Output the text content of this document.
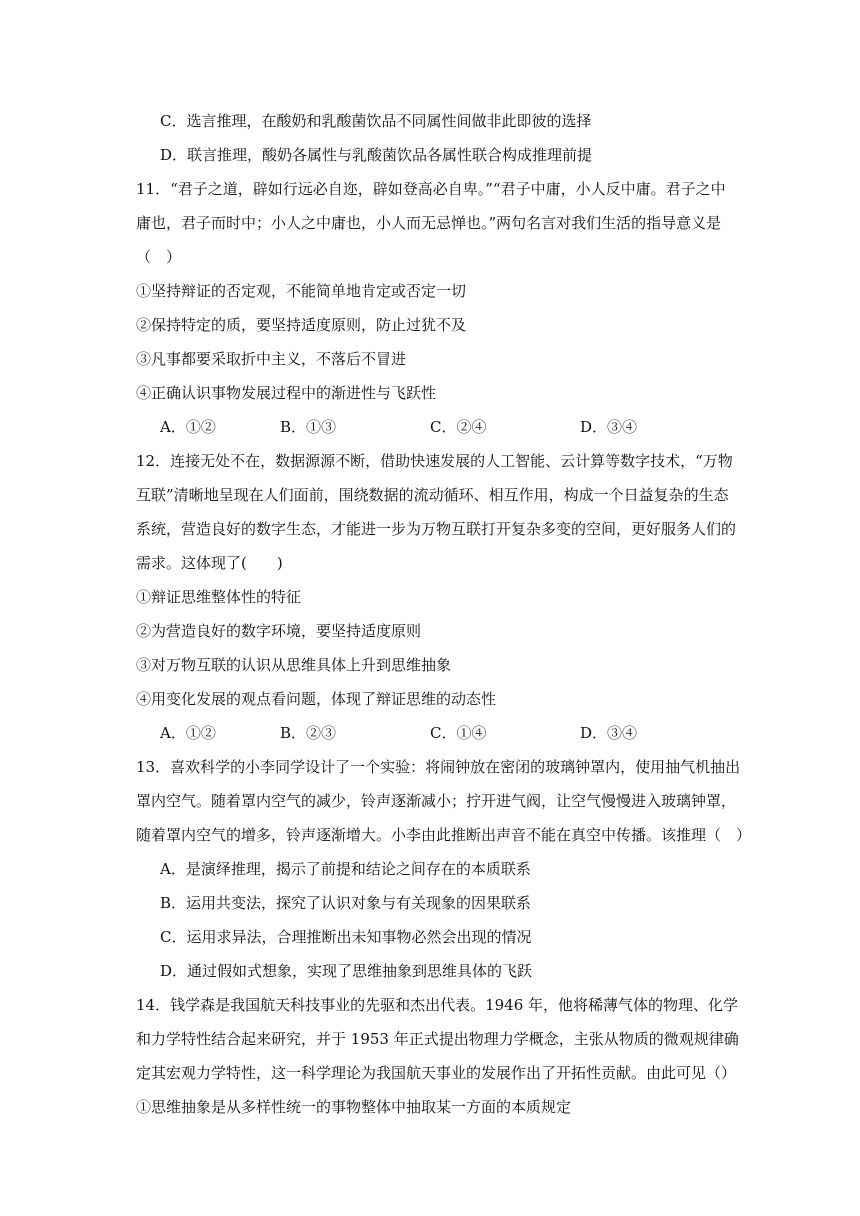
C．选言推理，在酸奶和乳酸菌饮品不同属性间做非此即彼的选择
D．联言推理，酸奶各属性与乳酸菌饮品各属性联合构成推理前提
11．“君子之道，辟如行远必自迩，辟如登高必自卑。”“君子中庸，小人反中庸。君子之中
庸也，君子而时中；小人之中庸也，小人而无忌惮也。”两句名言对我们生活的指导意义是
（　）
①坚持辩证的否定观，不能简单地肯定或否定一切
②保持特定的质，要坚持适度原则，防止过犹不及
③凡事都要采取折中主义，不落后不冒进
④正确认识事物发展过程中的渐进性与飞跃性
A．①②	B．①③	C．②④	D．③④
12．连接无处不在，数据源源不断，借助快速发展的人工智能、云计算等数字技术，“万物
互联”清晰地呈现在人们面前，围绕数据的流动循环、相互作用，构成一个日益复杂的生态
系统，营造良好的数字生态，才能进一步为万物互联打开复杂多变的空间，更好服务人们的
需求。这体现了(　　)
①辩证思维整体性的特征
②为营造良好的数字环境，要坚持适度原则
③对万物互联的认识从思维具体上升到思维抽象
④用变化发展的观点看问题，体现了辩证思维的动态性
A．①②	B．②③	C．①④	D．③④
13．喜欢科学的小李同学设计了一个实验：将闹钟放在密闭的玻璃钟罩内，使用抽气机抽出
罩内空气。随着罩内空气的减少，铃声逐渐减小；拧开进气阀，让空气慢慢进入玻璃钟罩，
随着罩内空气的增多，铃声逐渐增大。小李由此推断出声音不能在真空中传播。该推理（　）
A．是演绎推理，揭示了前提和结论之间存在的本质联系
B．运用共变法，探究了认识对象与有关现象的因果联系
C．运用求异法，合理推断出未知事物必然会出现的情况
D．通过假如式想象，实现了思维抽象到思维具体的飞跃
14．钱学森是我国航天科技事业的先驱和杰出代表。1946 年，他将稀薄气体的物理、化学
和力学特性结合起来研究，并于 1953 年正式提出物理力学概念，主张从物质的微观规律确
定其宏观力学特性，这一科学理论为我国航天事业的发展作出了开拓性贡献。由此可见（）
①思维抽象是从多样性统一的事物整体中抽取某一方面的本质规定
